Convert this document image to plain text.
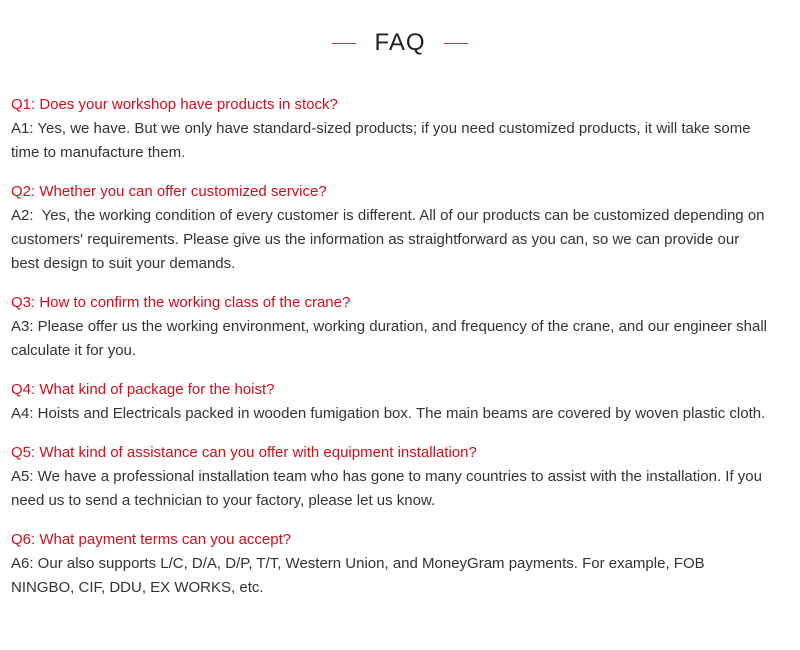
FAQ
Q1: Does your workshop have products in stock?
A1: Yes, we have. But we only have standard-sized products; if you need customized products, it will take some time to manufacture them.
Q2: Whether you can offer customized service?
A2:  Yes, the working condition of every customer is different. All of our products can be customized depending on customers' requirements. Please give us the information as straightforward as you can, so we can provide our best design to suit your demands.
Q3: How to confirm the working class of the crane?
A3: Please offer us the working environment, working duration, and frequency of the crane, and our engineer shall calculate it for you.
Q4: What kind of package for the hoist?
A4: Hoists and Electricals packed in wooden fumigation box. The main beams are covered by woven plastic cloth.
Q5: What kind of assistance can you offer with equipment installation?
A5: We have a professional installation team who has gone to many countries to assist with the installation. If you need us to send a technician to your factory, please let us know.
Q6: What payment terms can you accept?
A6: Our also supports L/C, D/A, D/P, T/T, Western Union, and MoneyGram payments. For example, FOB NINGBO, CIF, DDU, EX WORKS, etc.
